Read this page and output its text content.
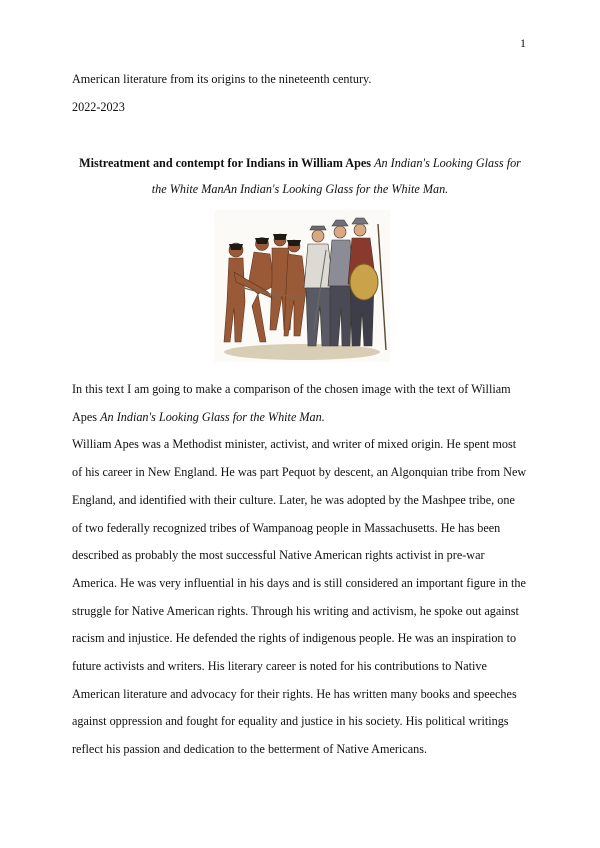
1
American literature from its origins to the nineteenth century.
2022-2023
Mistreatment and contempt for Indians in William Apes An Indian's Looking Glass for the White ManAn Indian's Looking Glass for the White Man.

In this text I am going to make a comparison of the chosen image with the text of William Apes An Indian's Looking Glass for the White Man.

William Apes was a Methodist minister, activist, and writer of mixed origin. He spent most of his career in New England. He was part Pequot by descent, an Algonquian tribe from New England, and identified with their culture. Later, he was adopted by the Mashpee tribe, one of two federally recognized tribes of Wampanoag people in Massachusetts. He has been described as probably the most successful Native American rights activist in pre-war America. He was very influential in his days and is still considered an important figure in the struggle for Native American rights. Through his writing and activism, he spoke out against racism and injustice. He defended the rights of indigenous people. He was an inspiration to future activists and writers. His literary career is noted for his contributions to Native American literature and advocacy for their rights. He has written many books and speeches against oppression and fought for equality and justice in his society. His political writings reflect his passion and dedication to the betterment of Native Americans.
